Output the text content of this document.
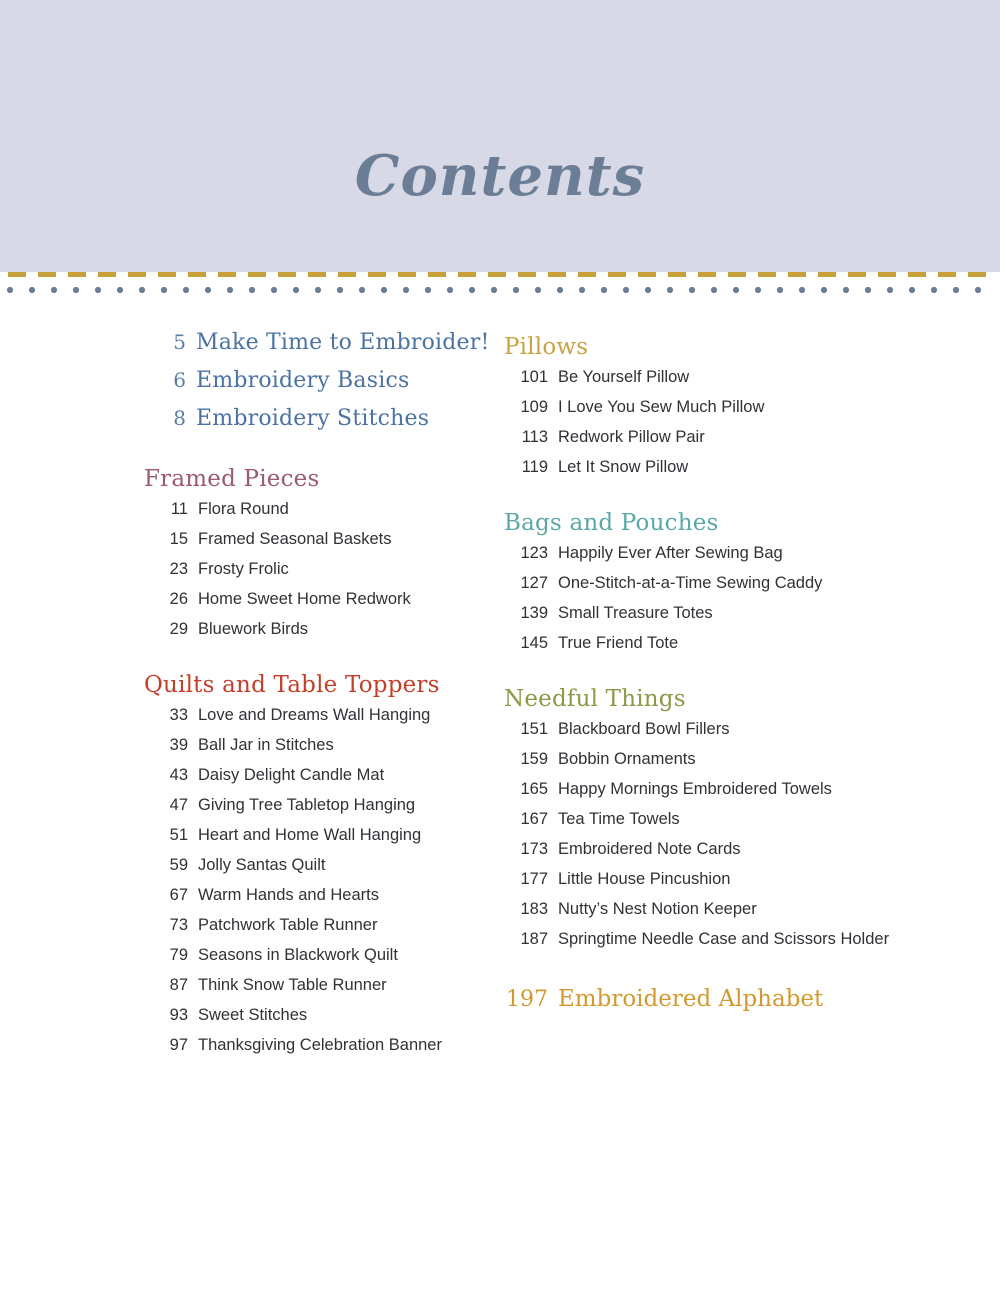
Contents
5 Make Time to Embroider!
6 Embroidery Basics
8 Embroidery Stitches
Framed Pieces
11 Flora Round
15 Framed Seasonal Baskets
23 Frosty Frolic
26 Home Sweet Home Redwork
29 Bluework Birds
Quilts and Table Toppers
33 Love and Dreams Wall Hanging
39 Ball Jar in Stitches
43 Daisy Delight Candle Mat
47 Giving Tree Tabletop Hanging
51 Heart and Home Wall Hanging
59 Jolly Santas Quilt
67 Warm Hands and Hearts
73 Patchwork Table Runner
79 Seasons in Blackwork Quilt
87 Think Snow Table Runner
93 Sweet Stitches
97 Thanksgiving Celebration Banner
Pillows
101 Be Yourself Pillow
109 I Love You Sew Much Pillow
113 Redwork Pillow Pair
119 Let It Snow Pillow
Bags and Pouches
123 Happily Ever After Sewing Bag
127 One-Stitch-at-a-Time Sewing Caddy
139 Small Treasure Totes
145 True Friend Tote
Needful Things
151 Blackboard Bowl Fillers
159 Bobbin Ornaments
165 Happy Mornings Embroidered Towels
167 Tea Time Towels
173 Embroidered Note Cards
177 Little House Pincushion
183 Nutty’s Nest Notion Keeper
187 Springtime Needle Case and Scissors Holder
197 Embroidered Alphabet
